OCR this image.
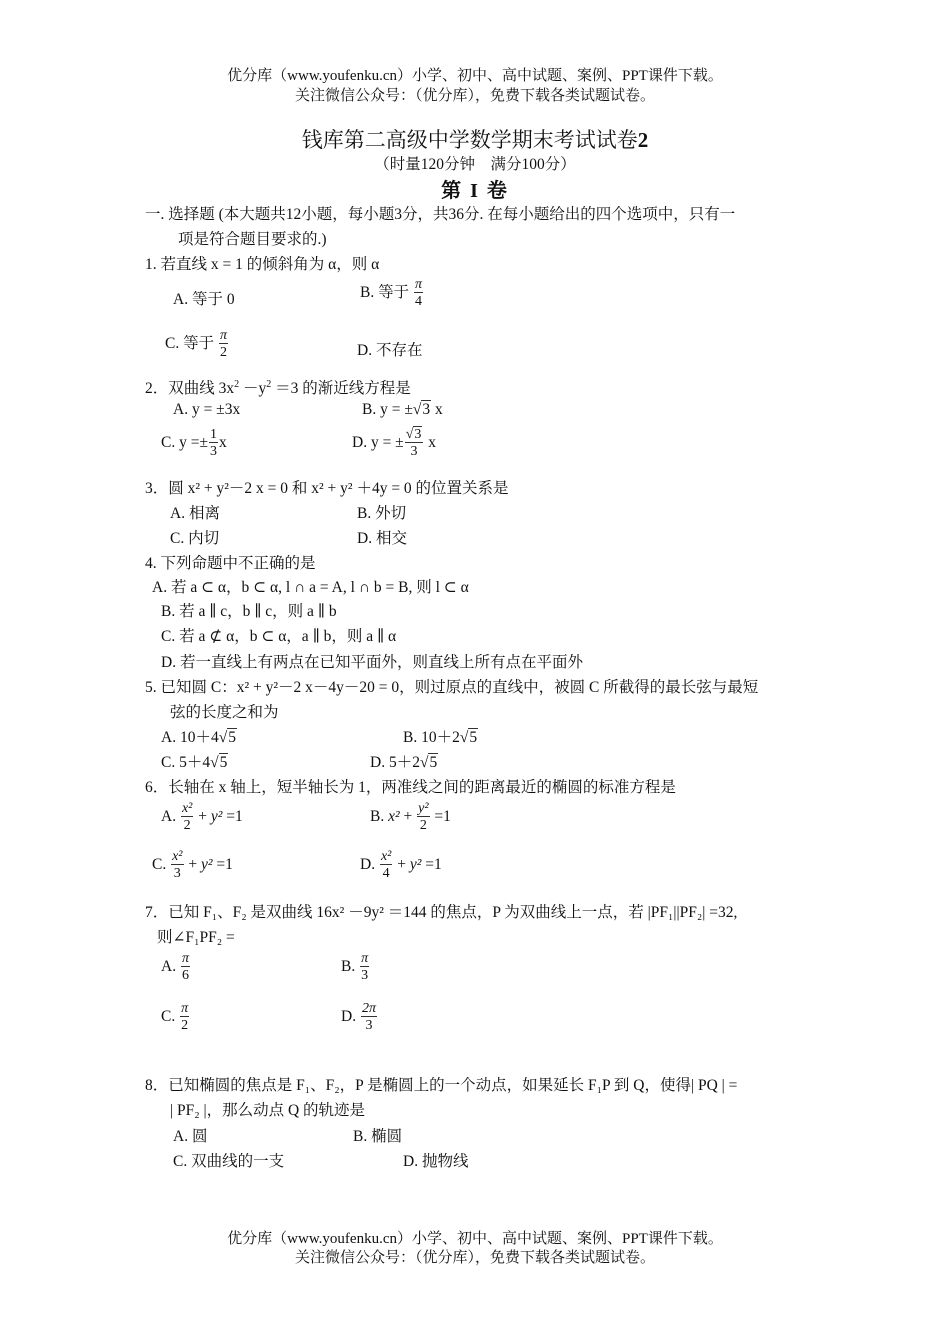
优分库（www.youfenku.cn）小学、初中、高中试题、案例、PPT课件下载。
关注微信公众号：（优分库），免费下载各类试题试卷。
钱库第二高级中学数学期末考试试卷2
（时量120分钟　满分100分）
第 I 卷
一. 选择题 (本大题共12小题，每小题3分，共36分. 在每小题给出的四个选项中，只有一
项是符合题目要求的.)
1. 若直线 x = 1 的倾斜角为 α，则 α
A. 等于 0	B. 等于 $\frac{\pi}{4}$
C. 等于 $\frac{\pi}{2}$	D. 不存在
2．双曲线 $3x^2 -y^2 =3$ 的渐近线方程是
A. y = ±3x	B. y = ±√3 x
C. $y =\pm \frac{1}{3}$ x	D. y = ± $\frac{√3}{3}$ x
3．圆 x² + y²－2 x = 0 和 x² + y² ＋4y = 0 的位置关系是
A. 相离	B. 外切
C. 内切	D. 相交
4. 下列命题中不正确的是
A. 若 a ⊂ α，b ⊂ α, l ∩ a = A, l ∩ b = B, 则 l ⊂ α
B. 若 a ∥ c，b ∥ c，则 a ∥ b
C. 若 a ⊄ α，b ⊂ α，a ∥ b，则 a ∥ α
D. 若一直线上有两点在已知平面外，则直线上所有点在平面外
5. 已知圆 C：x² + y²－2 x－4y－20 = 0，则过原点的直线中，被圆 C 所截得的最长弦与最短
弦的长度之和为
A. 10＋4√5	B. 10＋2√5
C. 5＋4√5	D. 5＋2√5
6．长轴在 x 轴上，短半轴长为 1，两准线之间的距离最近的椭圆的标准方程是
A. $\frac{\text{x²}}{2} + y^2 =1$	B. $x^2 + \frac{\text{y²}}{2} =1$
C. $\frac{\text{x²}}{3} + y^2 =1$	D. $\frac{\text{x²}}{4} + y^2 =1$
7．已知 F₁、F₂ 是双曲线 16x² －9y² ＝144 的焦点，P 为双曲线上一点，若 |PF₁||PF₂| =32,
则∠F₁PF₂ =
A. $\frac{\pi}{6}$	B. $\frac{\pi}{3}$
C. $\frac{\pi}{2}$	D. $\frac{2\pi}{3}$
8．已知椭圆的焦点是 F₁、F₂，P 是椭圆上的一个动点，如果延长 F₁P 到 Q，使得| PQ | =
| PF₂ |，那么动点 Q 的轨迹是
A. 圆	B. 椭圆
C. 双曲线的一支	D. 抛物线
优分库（www.youfenku.cn）小学、初中、高中试题、案例、PPT课件下载。
关注微信公众号：（优分库），免费下载各类试题试卷。
